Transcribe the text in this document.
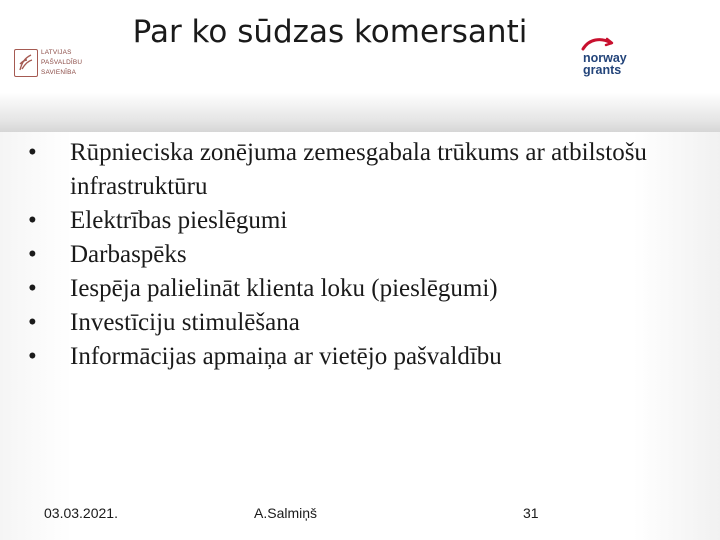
LATVIJAS
PAŠVALDĪBU
SAVIENĪBA
Par ko sūdzas komersanti
norway
grants
• Rūpnieciska zonējuma zemesgabala trūkums ar atbilstošu infrastruktūru
• Elektrības pieslēgumi
• Darbaspēks
• Iespēja palielināt klienta loku (pieslēgumi)
• Investīciju stimulēšana
• Informācijas apmaiņa ar vietējo pašvaldību
03.03.2021.	A.Salmiņš	31
